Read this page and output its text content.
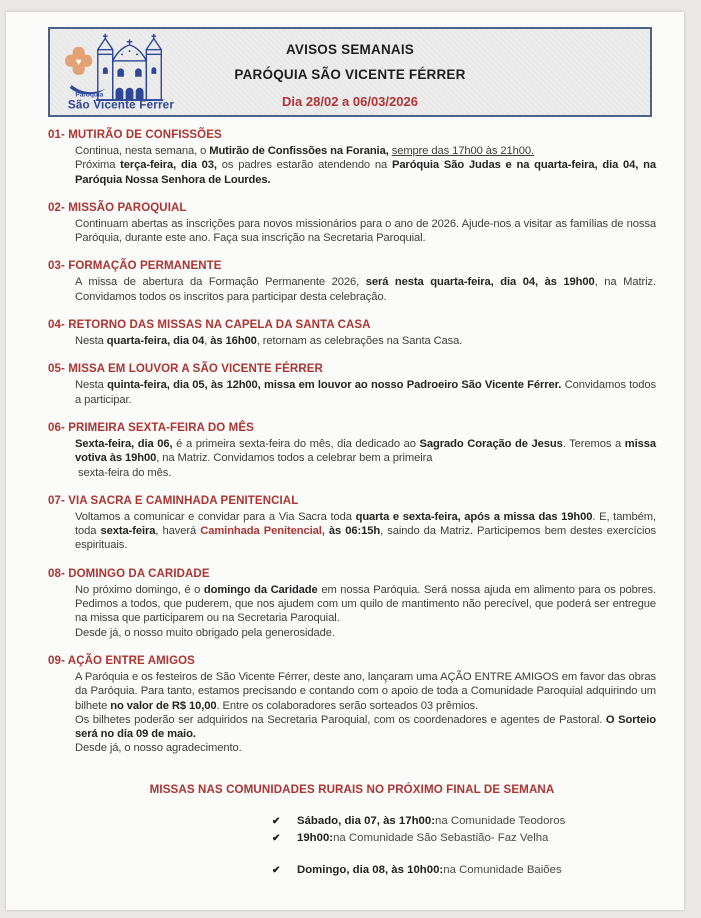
♥
Paróquia
São Vicente Ferrer
AVISOS SEMANAIS
PARÓQUIA SÃO VICENTE FÉRRER
Dia 28/02 a 06/03/2026
01- MUTIRÃO DE CONFISSÕES
Continua, nesta semana, o Mutirão de Confissões na Forania, sempre das 17h00 às 21h00.
Próxima terça-feira, dia 03, os padres estarão atendendo na Paróquia São Judas e na quarta-feira, dia 04, na Paróquia Nossa Senhora de Lourdes.
02- MISSÃO PAROQUIAL
Continuam abertas as inscrições para novos missionários para o ano de 2026. Ajude-nos a visitar as famílias de nossa Paróquia, durante este ano. Faça sua inscrição na Secretaria Paroquial.
03- FORMAÇÃO PERMANENTE
A missa de abertura da Formação Permanente 2026, será nesta quarta-feira, dia 04, às 19h00, na Matriz. Convidamos todos os inscritos para participar desta celebração.
04- RETORNO DAS MISSAS NA CAPELA DA SANTA CASA
Nesta quarta-feira, dia 04, às 16h00, retornam as celebrações na Santa Casa.
05- MISSA EM LOUVOR A SÃO VICENTE FÉRRER
Nesta quinta-feira, dia 05, às 12h00, missa em louvor ao nosso Padroeiro São Vicente Férrer. Convidamos todos a participar.
06- PRIMEIRA SEXTA-FEIRA DO MÊS
Sexta-feira, dia 06, é a primeira sexta-feira do mês, dia dedicado ao Sagrado Coração de Jesus. Teremos a missa votiva às 19h00, na Matriz. Convidamos todos a celebrar bem a primeira
sexta-feira do mês.
07- VIA SACRA E CAMINHADA PENITENCIAL
Voltamos a comunicar e convidar para a Via Sacra toda quarta e sexta-feira, após a missa das 19h00. E, também, toda sexta-feira, haverá Caminhada Penitencial, às 06:15h, saindo da Matriz. Participemos bem destes exercícios espirituais.
08- DOMINGO DA CARIDADE
No próximo domingo, é o domingo da Caridade em nossa Paróquia. Será nossa ajuda em alimento para os pobres. Pedimos a todos, que puderem, que nos ajudem com um quilo de mantimento não perecível, que poderá ser entregue na missa que participarem ou na Secretaria Paroquial.
Desde já, o nosso muito obrigado pela generosidade.
09- AÇÃO ENTRE AMIGOS
A Paróquia e os festeiros de São Vicente Férrer, deste ano, lançaram uma AÇÃO ENTRE AMIGOS em favor das obras da Paróquia. Para tanto, estamos precisando e contando com o apoio de toda a Comunidade Paroquial adquirindo um bilhete no valor de R$ 10,00. Entre os colaboradores serão sorteados 03 prêmios.
Os bilhetes poderão ser adquiridos na Secretaria Paroquial, com os coordenadores e agentes de Pastoral. O Sorteio será no dia 09 de maio.
Desde já, o nosso agradecimento.
MISSAS NAS COMUNIDADES RURAIS NO PRÓXIMO FINAL DE SEMANA
✔	Sábado, dia 07, às 17h00: na Comunidade Teodoros
✔	19h00: na Comunidade São Sebastião- Faz Velha
✔	Domingo, dia 08, às 10h00: na Comunidade Baiões
